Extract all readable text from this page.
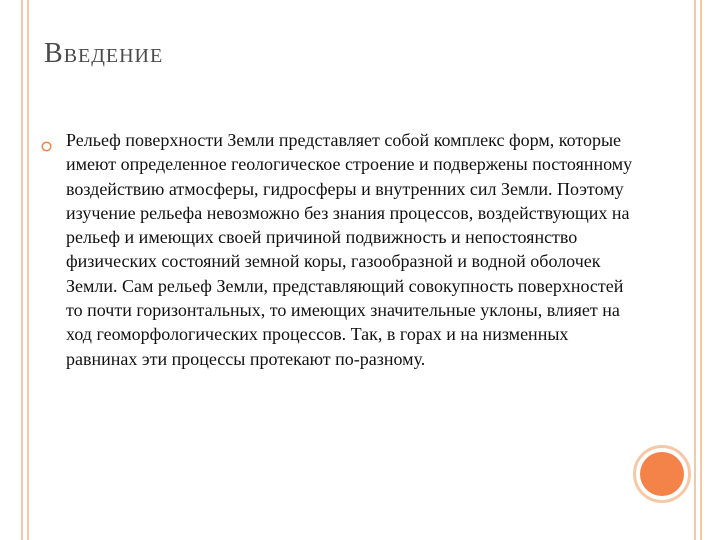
ВВЕДЕНИЕ
Рельеф поверхности Земли представляет собой комплекс форм, которые имеют определенное геологическое строение и подвержены постоянному воздействию атмосферы, гидросферы и внутренних сил Земли. Поэтому изучение рельефа невозможно без знания процессов, воздействующих на рельеф и имеющих своей причиной подвижность и непостоянство физических состояний земной коры, газообразной и водной оболочек Земли. Сам рельеф Земли, представляющий совокупность поверхностей то почти горизонтальных, то имеющих значительные уклоны, влияет на ход геоморфологических процессов. Так, в горах и на низменных равнинах эти процессы протекают по-разному.
